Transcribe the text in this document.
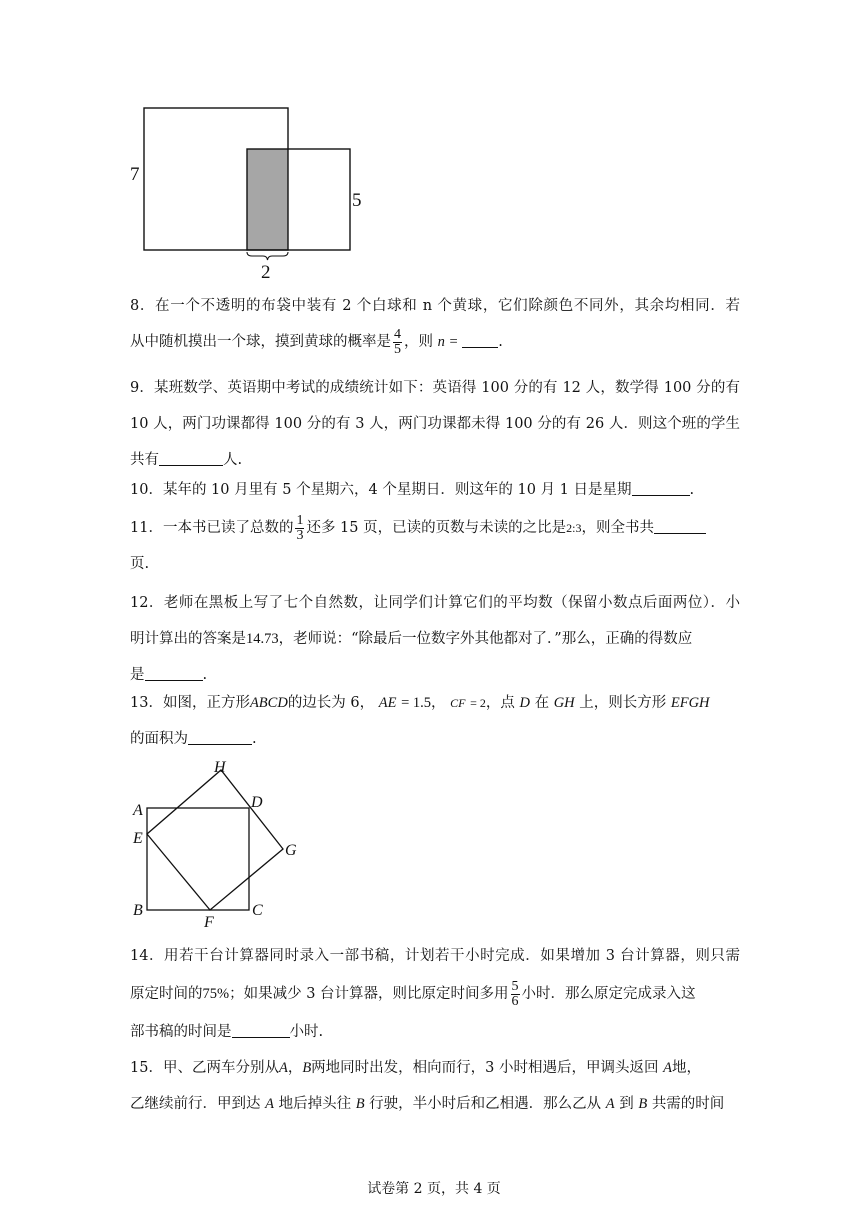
7
5
2
8．在一个不透明的布袋中装有 2 个白球和 n 个黄球，它们除颜色不同外，其余均相同．若
从中随机摸出一个球，摸到黄球的概率是 $\frac{4}{5}$ ，则 n =	.
9．某班数学、英语期中考试的成绩统计如下：英语得 100 分的有 12 人，数学得 100 分的有
10 人，两门功课都得 100 分的有 3 人，两门功课都未得 100 分的有 26 人．则这个班的学生
共有	人.
10．某年的 10 月里有 5 个星期六，4 个星期日．则这年的 10 月 1 日是星期	.
11．一本书已读了总数的 $\frac{1}{3}$ 还多 15 页，已读的页数与未读的之比是2:3，则全书共
页.
12．老师在黑板上写了七个自然数，让同学们计算它们的平均数（保留小数点后面两位）．小
明计算出的答案是14.73，老师说：“除最后一位数字外其他都对了．”那么，正确的得数应
是	.
13．如图，正方形ABCD的边长为 6， AE = 1.5， CF = 2，点 D 在 GH 上，则长方形 EFGH
的面积为	.
H
A	D
E
G
B
F
C
14．用若干台计算器同时录入一部书稿，计划若干小时完成．如果增加 3 台计算器，则只需
原定时间的75%；如果减少 3 台计算器，则比原定时间多用 $\frac{5}{6}$ 小时．那么原定完成录入这
部书稿的时间是	小时.
15．甲、乙两车分别从A，B两地同时出发，相向而行，3 小时相遇后，甲调头返回 A地，
乙继续前行．甲到达 A 地后掉头往 B 行驶，半小时后和乙相遇．那么乙从 A 到 B 共需的时间
试卷第 2 页，共 4 页
